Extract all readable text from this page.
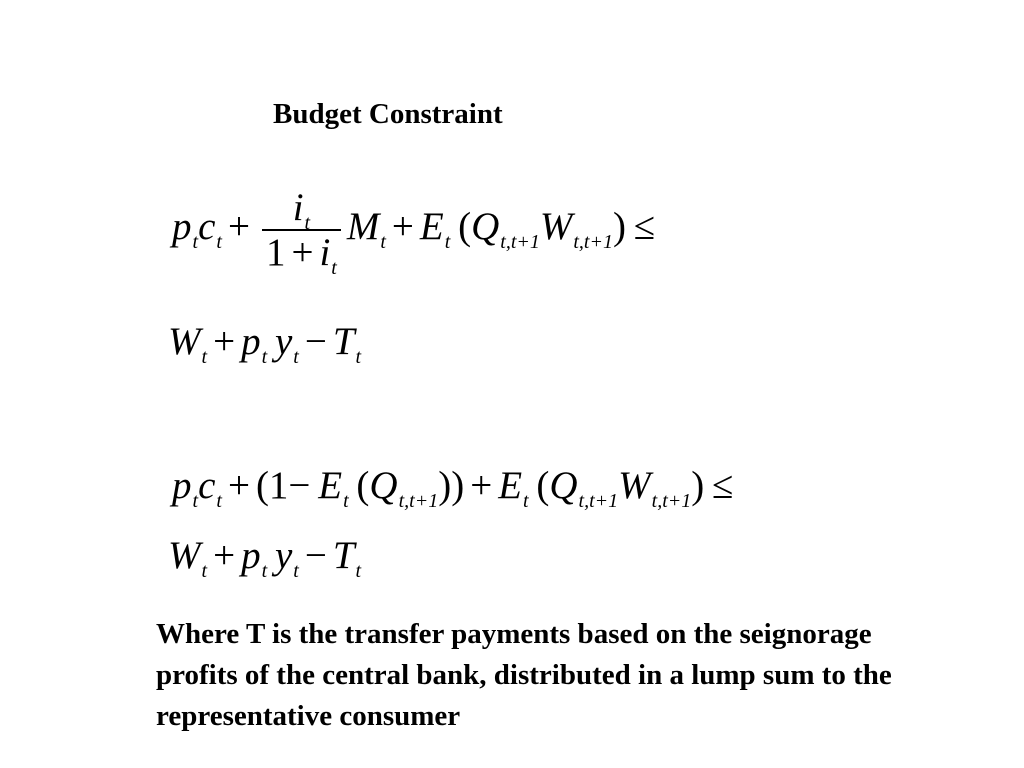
Budget Constraint
$p_tc_t + \frac{i_t}{1 + i_t} M_t + E_t$ $(Q_{t,t+1}W_{t,t+1})$ ≤
$W_t + p_t$  $y_t - T_t$
$p_tc_t + (1- E_t$ $(Q_{t,t+1})) + E_t$ $(Q_{t,t+1}W_{t,t+1})$ ≤
$W_t + p_t$  $y_t - T_t$
Where T is the transfer payments based on the seignorage profits of the central bank, distributed in a lump sum to the representative consumer
